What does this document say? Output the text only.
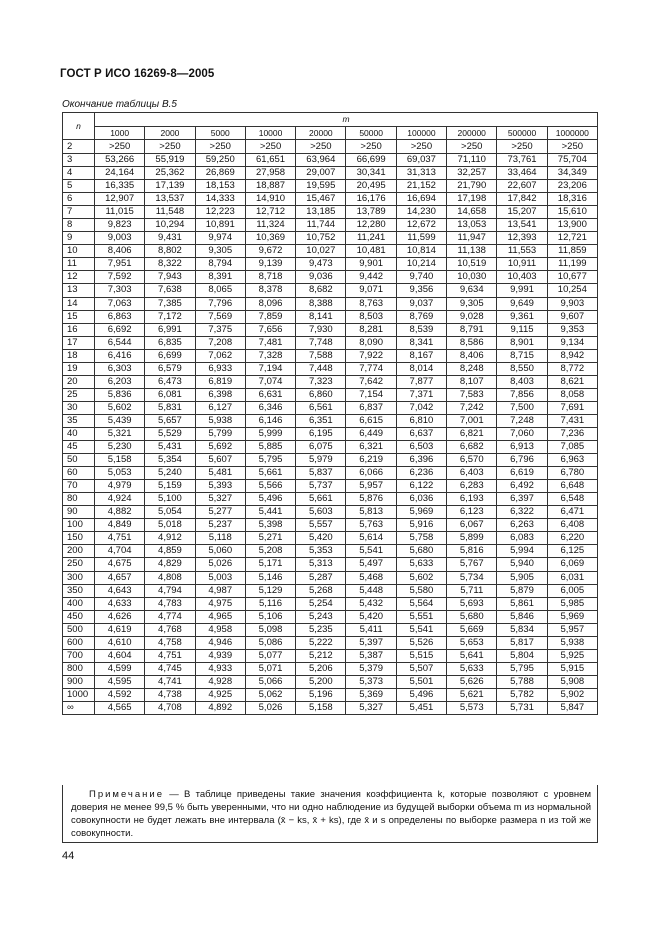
ГОСТ Р ИСО 16269-8—2005
Окончание таблицы В.5
n	m									
	1000	2000	5000	10000	20000	50000	100000	200000	500000	1000000
2	>250	>250	>250	>250	>250	>250	>250	>250	>250	>250
3	53,266	55,919	59,250	61,651	63,964	66,699	69,037	71,110	73,761	75,704
4	24,164	25,362	26,869	27,958	29,007	30,341	31,313	32,257	33,464	34,349
5	16,335	17,139	18,153	18,887	19,595	20,495	21,152	21,790	22,607	23,206
6	12,907	13,537	14,333	14,910	15,467	16,176	16,694	17,198	17,842	18,316
7	11,015	11,548	12,223	12,712	13,185	13,789	14,230	14,658	15,207	15,610
8	9,823	10,294	10,891	11,324	11,744	12,280	12,672	13,053	13,541	13,900
9	9,003	9,431	9,974	10,369	10,752	11,241	11,599	11,947	12,393	12,721
10	8,406	8,802	9,305	9,672	10,027	10,481	10,814	11,138	11,553	11,859
11	7,951	8,322	8,794	9,139	9,473	9,901	10,214	10,519	10,911	11,199
12	7,592	7,943	8,391	8,718	9,036	9,442	9,740	10,030	10,403	10,677
13	7,303	7,638	8,065	8,378	8,682	9,071	9,356	9,634	9,991	10,254
14	7,063	7,385	7,796	8,096	8,388	8,763	9,037	9,305	9,649	9,903
15	6,863	7,172	7,569	7,859	8,141	8,503	8,769	9,028	9,361	9,607
16	6,692	6,991	7,375	7,656	7,930	8,281	8,539	8,791	9,115	9,353
17	6,544	6,835	7,208	7,481	7,748	8,090	8,341	8,586	8,901	9,134
18	6,416	6,699	7,062	7,328	7,588	7,922	8,167	8,406	8,715	8,942
19	6,303	6,579	6,933	7,194	7,448	7,774	8,014	8,248	8,550	8,772
20	6,203	6,473	6,819	7,074	7,323	7,642	7,877	8,107	8,403	8,621
25	5,836	6,081	6,398	6,631	6,860	7,154	7,371	7,583	7,856	8,058
30	5,602	5,831	6,127	6,346	6,561	6,837	7,042	7,242	7,500	7,691
35	5,439	5,657	5,938	6,146	6,351	6,615	6,810	7,001	7,248	7,431
40	5,321	5,529	5,799	5,999	6,195	6,449	6,637	6,821	7,060	7,236
45	5,230	5,431	5,692	5,885	6,075	6,321	6,503	6,682	6,913	7,085
50	5,158	5,354	5,607	5,795	5,979	6,219	6,396	6,570	6,796	6,963
60	5,053	5,240	5,481	5,661	5,837	6,066	6,236	6,403	6,619	6,780
70	4,979	5,159	5,393	5,566	5,737	5,957	6,122	6,283	6,492	6,648
80	4,924	5,100	5,327	5,496	5,661	5,876	6,036	6,193	6,397	6,548
90	4,882	5,054	5,277	5,441	5,603	5,813	5,969	6,123	6,322	6,471
100	4,849	5,018	5,237	5,398	5,557	5,763	5,916	6,067	6,263	6,408
150	4,751	4,912	5,118	5,271	5,420	5,614	5,758	5,899	6,083	6,220
200	4,704	4,859	5,060	5,208	5,353	5,541	5,680	5,816	5,994	6,125
250	4,675	4,829	5,026	5,171	5,313	5,497	5,633	5,767	5,940	6,069
300	4,657	4,808	5,003	5,146	5,287	5,468	5,602	5,734	5,905	6,031
350	4,643	4,794	4,987	5,129	5,268	5,448	5,580	5,711	5,879	6,005
400	4,633	4,783	4,975	5,116	5,254	5,432	5,564	5,693	5,861	5,985
450	4,626	4,774	4,965	5,106	5,243	5,420	5,551	5,680	5,846	5,969
500	4,619	4,768	4,958	5,098	5,235	5,411	5,541	5,669	5,834	5,957
600	4,610	4,758	4,946	5,086	5,222	5,397	5,526	5,653	5,817	5,938
700	4,604	4,751	4,939	5,077	5,212	5,387	5,515	5,641	5,804	5,925
800	4,599	4,745	4,933	5,071	5,206	5,379	5,507	5,633	5,795	5,915
900	4,595	4,741	4,928	5,066	5,200	5,373	5,501	5,626	5,788	5,908
1000	4,592	4,738	4,925	5,062	5,196	5,369	5,496	5,621	5,782	5,902
∞	4,565	4,708	4,892	5,026	5,158	5,327	5,451	5,573	5,731	5,847

Примечание — В таблице приведены такие значения коэффициента k, которые позволяют с уровнем доверия не менее 99,5 % быть уверенными, что ни одно наблюдение из будущей выборки объема m из нормальной совокупности не будет лежать вне интервала (x̄ − ks, x̄ + ks), где x̄ и s определены по выборке размера n из той же совокупности.

44
